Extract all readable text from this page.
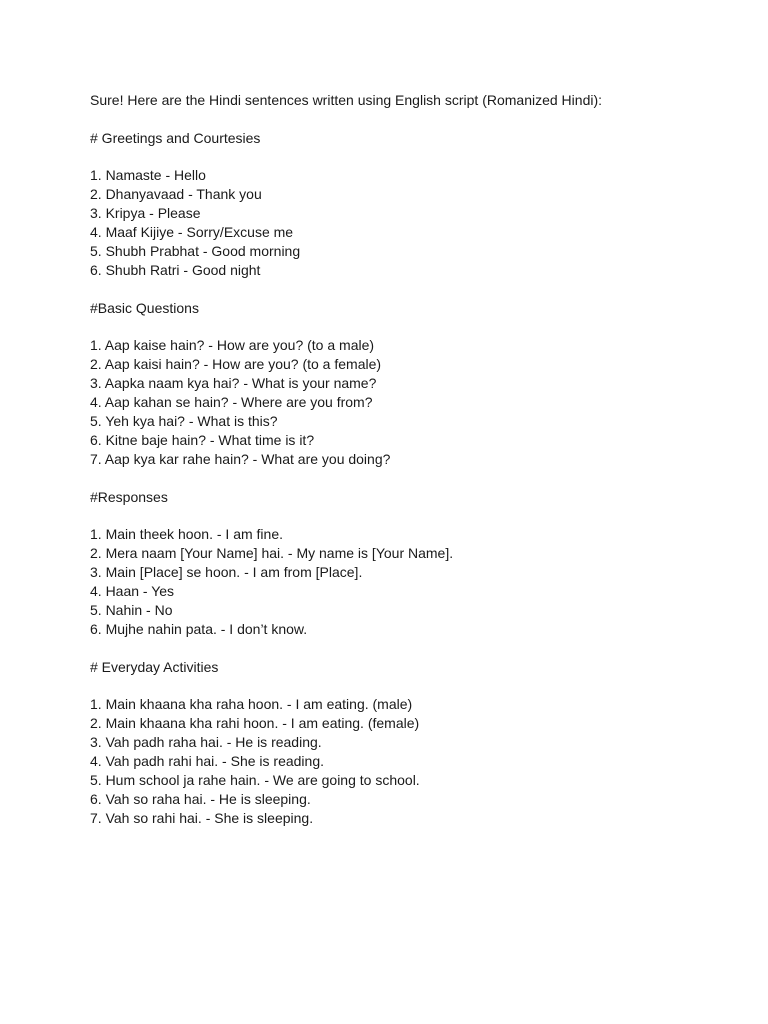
Sure! Here are the Hindi sentences written using English script (Romanized Hindi):
# Greetings and Courtesies
1. Namaste - Hello
2. Dhanyavaad - Thank you
3. Kripya - Please
4. Maaf Kijiye - Sorry/Excuse me
5. Shubh Prabhat - Good morning
6. Shubh Ratri - Good night
#Basic Questions
1. Aap kaise hain? - How are you? (to a male)
2. Aap kaisi hain? - How are you? (to a female)
3. Aapka naam kya hai? - What is your name?
4. Aap kahan se hain? - Where are you from?
5. Yeh kya hai? - What is this?
6. Kitne baje hain? - What time is it?
7. Aap kya kar rahe hain? - What are you doing?
#Responses
1. Main theek hoon. - I am fine.
2. Mera naam [Your Name] hai. - My name is [Your Name].
3. Main [Place] se hoon. - I am from [Place].
4. Haan - Yes
5. Nahin - No
6. Mujhe nahin pata. - I don’t know.
# Everyday Activities
1. Main khaana kha raha hoon. - I am eating. (male)
2. Main khaana kha rahi hoon. - I am eating. (female)
3. Vah padh raha hai. - He is reading.
4. Vah padh rahi hai. - She is reading.
5. Hum school ja rahe hain. - We are going to school.
6. Vah so raha hai. - He is sleeping.
7. Vah so rahi hai. - She is sleeping.
